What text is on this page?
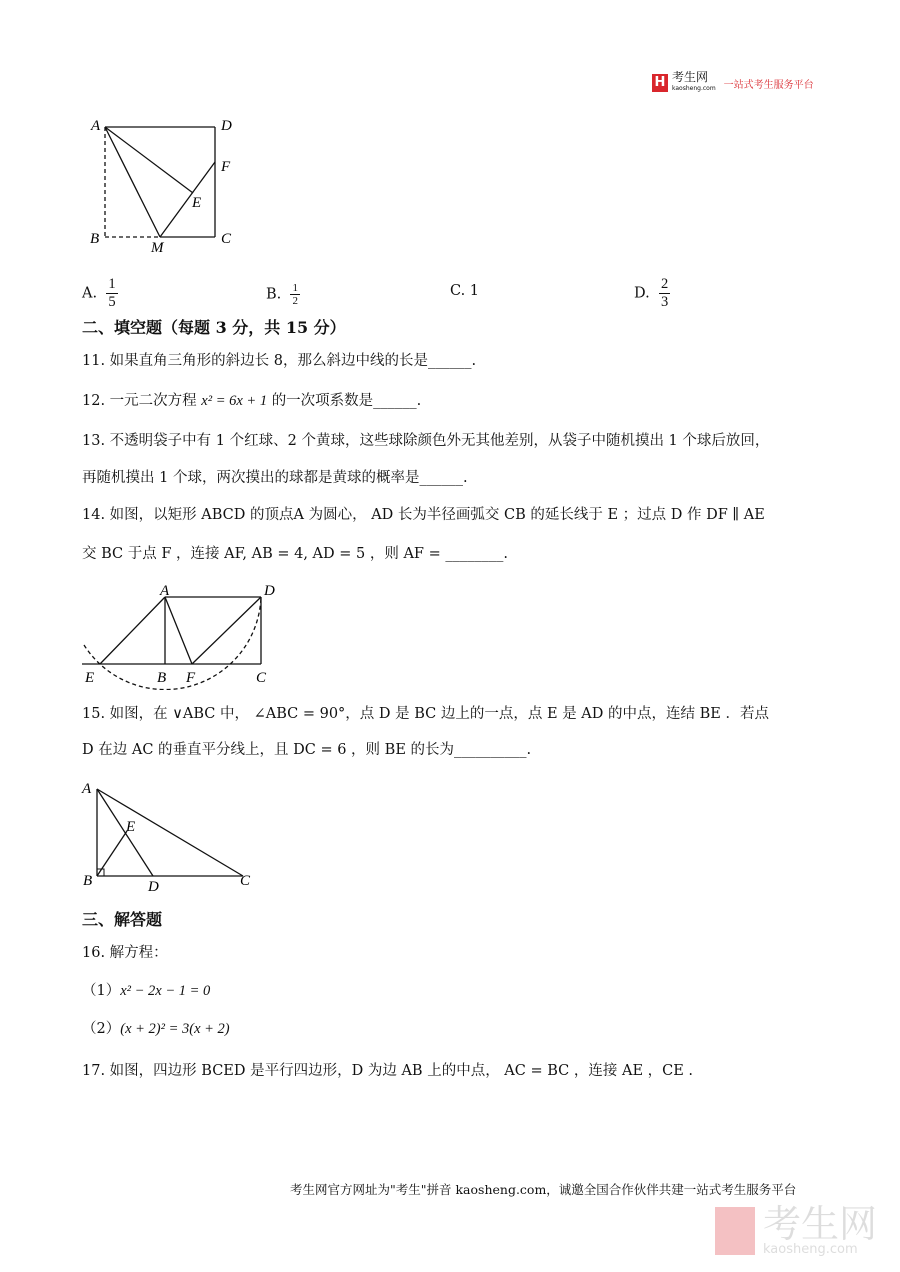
H 考生网
kaosheng.com 一站式考生服务平台
A	D
F
E
B
M
C
A. $\frac{1}{5}$	B. $\frac{1}{2}$	C. 1	D. $\frac{2}{3}$
二、填空题（每题 3 分，共 15 分）
11. 如果直角三角形的斜边长 8，那么斜边中线的长是______.
12. 一元二次方程 x² = 6x + 1 的一次项系数是______.
13. 不透明袋子中有 1 个红球、2 个黄球，这些球除颜色外无其他差别，从袋子中随机摸出 1 个球后放回，
再随机摸出 1 个球，两次摸出的球都是黄球的概率是______.
14. 如图，以矩形 ABCD 的顶点A 为圆心， AD 长为半径画弧交 CB 的延长线于 E ；过点 D 作 DF ∥ AE
交 BC 于点 F ，连接 AF, AB = 4, AD = 5 ，则 AF = ________.
A	D
E	B F	C
15. 如图，在 ∨ABC 中， ∠ABC = 90°，点 D 是 BC 边上的一点，点 E 是 AD 的中点，连结 BE ．若点
D 在边 AC 的垂直平分线上，且 DC = 6 ，则 BE 的长为__________.
A
E
B	D	C
三、解答题
16. 解方程：
（1）x² − 2x − 1 = 0
（2）(x + 2)² = 3(x + 2)
17. 如图，四边形 BCED 是平行四边形，D 为边 AB 上的中点， AC = BC ，连接 AE ，CE .
考生网官方网址为"考生"拼音 kaosheng.com，诚邀全国合作伙伴共建一站式考生服务平台
考生网
kaosheng.com
